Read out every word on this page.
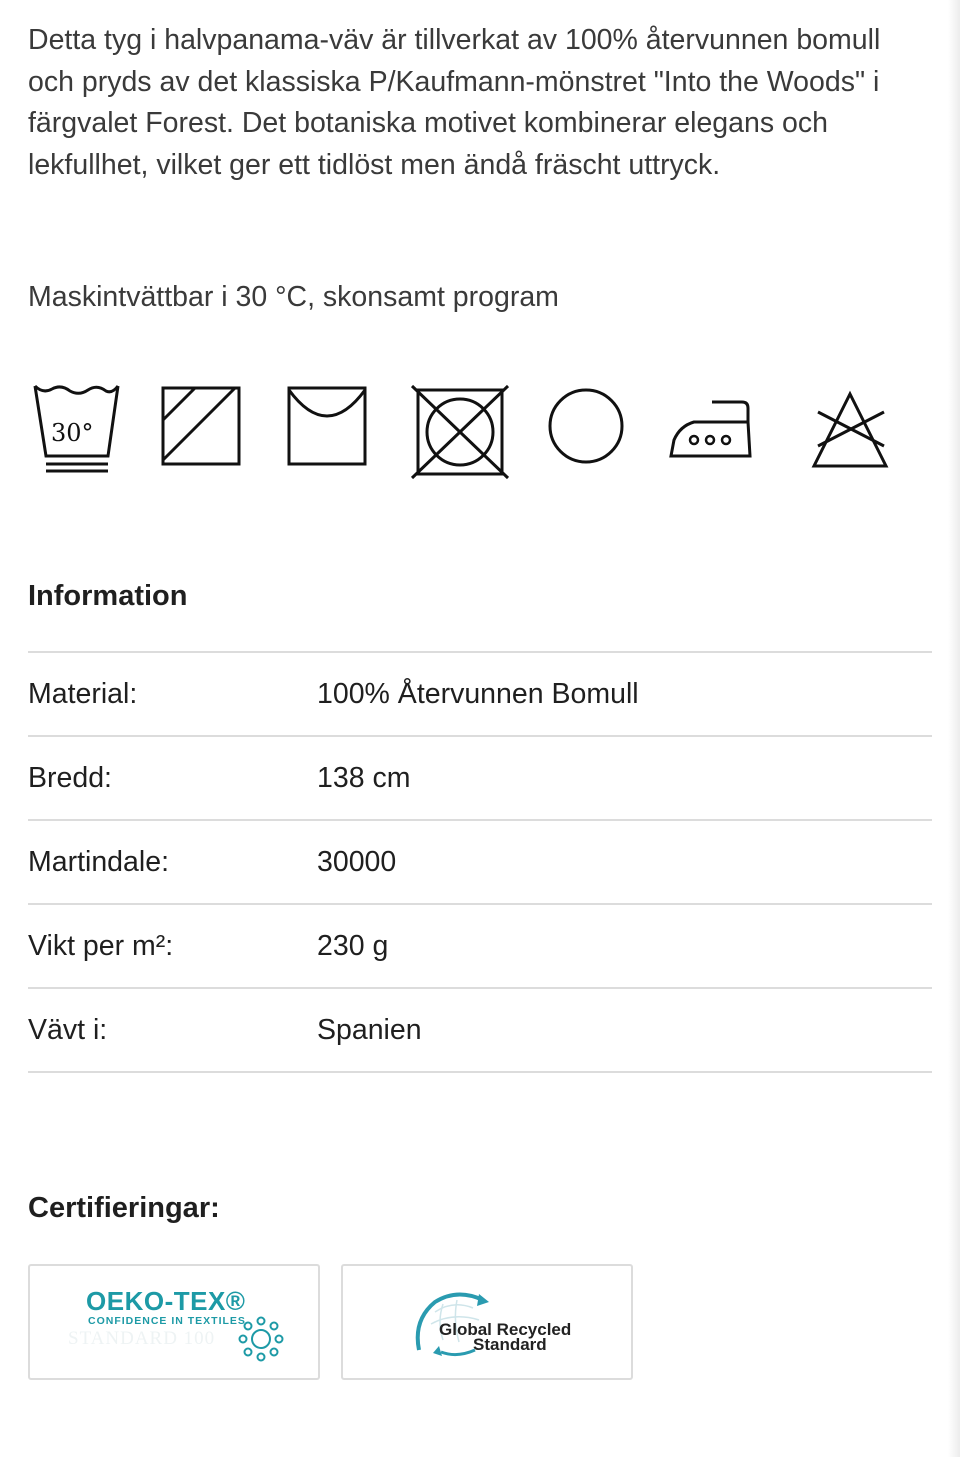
Detta tyg i halvpanama-väv är tillverkat av 100% återvunnen bomull och pryds av det klassiska P/Kaufmann-mönstret "Into the Woods" i färgvalet Forest. Det botaniska motivet kombinerar elegans och lekfullhet, vilket ger ett tidlöst men ändå fräscht uttryck.

Maskintvättbar i 30 °C, skonsamt program

30°
Information
Material:	100% Återvunnen Bomull
Bredd:	138 cm
Martindale:	30000
Vikt per m²:	230 g
Vävt i:	Spanien
Certifieringar:
STANDARD 100
OEKO-TEX®
CONFIDENCE IN TEXTILES	Global Recycled
Standard
